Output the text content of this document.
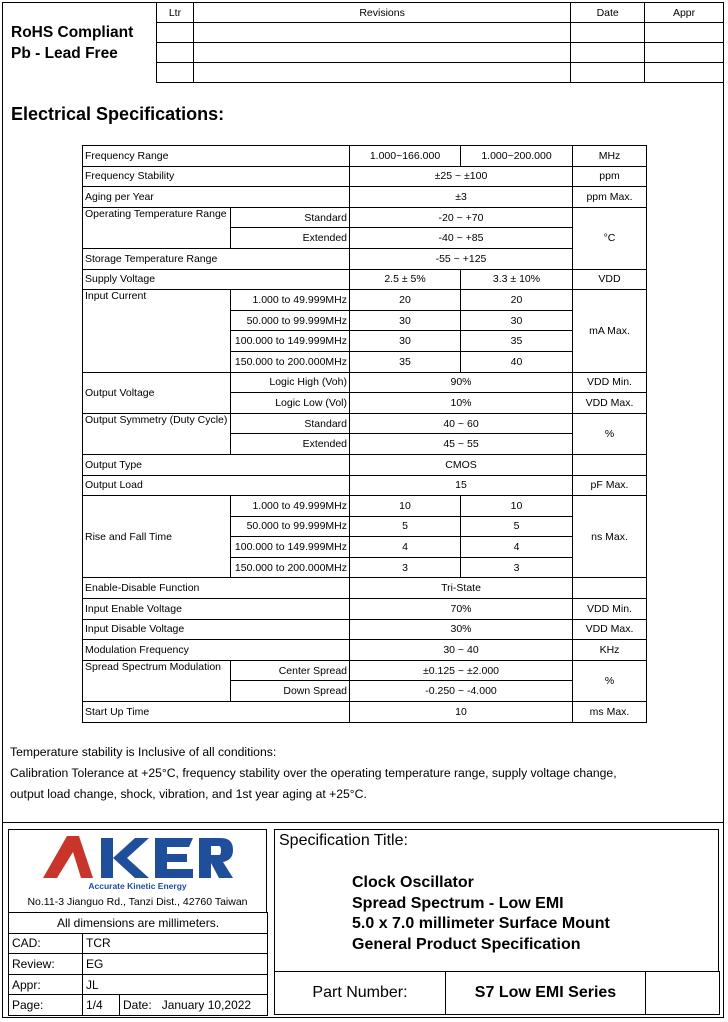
RoHS Compliant
Pb - Lead Free
Ltr	Revisions	Date	Appr

Electrical Specifications:
Frequency Range		1.000~166.000	1.000~200.000	MHz
Frequency Stability		±25 ~ ±100		ppm
Aging per Year		±3		ppm Max.
Operating Temperature Range	Standard	-20 ~ +70		°C
	Extended	-40 ~ +85		
Storage Temperature Range		-55 ~ +125		
Supply Voltage		2.5 ± 5%	3.3 ± 10%	VDD
Input Current	1.000 to 49.999MHz	20	20	mA Max.
	50.000 to 99.999MHz	30	30	
	100.000 to 149.999MHz	30	35	
	150.000 to 200.000MHz	35	40	
Output Voltage	Logic High (Voh)	90%		VDD Min.
	Logic Low (Vol)	10%		VDD Max.
Output Symmetry (Duty Cycle)	Standard	40 ~ 60		%
	Extended	45 ~ 55		
Output Type		CMOS		
Output Load		15		pF Max.
Rise and Fall Time	1.000 to 49.999MHz	10	10	ns Max.
	50.000 to 99.999MHz	5	5	
	100.000 to 149.999MHz	4	4	
	150.000 to 200.000MHz	3	3	
Enable-Disable Function		Tri-State		
Input Enable Voltage		70%		VDD Min.
Input Disable Voltage		30%		VDD Max.
Modulation Frequency		30 ~ 40		KHz
Spread Spectrum Modulation	Center Spread	±0.125 ~ ±2.000		%
	Down Spread	-0.250 ~ -4.000		
Start Up Time		10		ms Max.

Temperature stability is Inclusive of all conditions:

Calibration Tolerance at +25°C, frequency stability over the operating temperature range, supply voltage change,

output load change, shock, vibration, and 1st year aging at +25°C.

Accurate Kinetic Energy
No.11-3 Jianguo Rd., Tanzi Dist., 42760 Taiwan
All dimensions are millimeters.		
CAD:	TCR	
Review:	EG	
Appr:	JL	
Page:	1/4	Date: January 10,2022
Specification Title:
Clock Oscillator
Spread Spectrum - Low EMI
5.0 x 7.0 millimeter Surface Mount
General Product Specification
Part Number:	S7 Low EMI Series	
